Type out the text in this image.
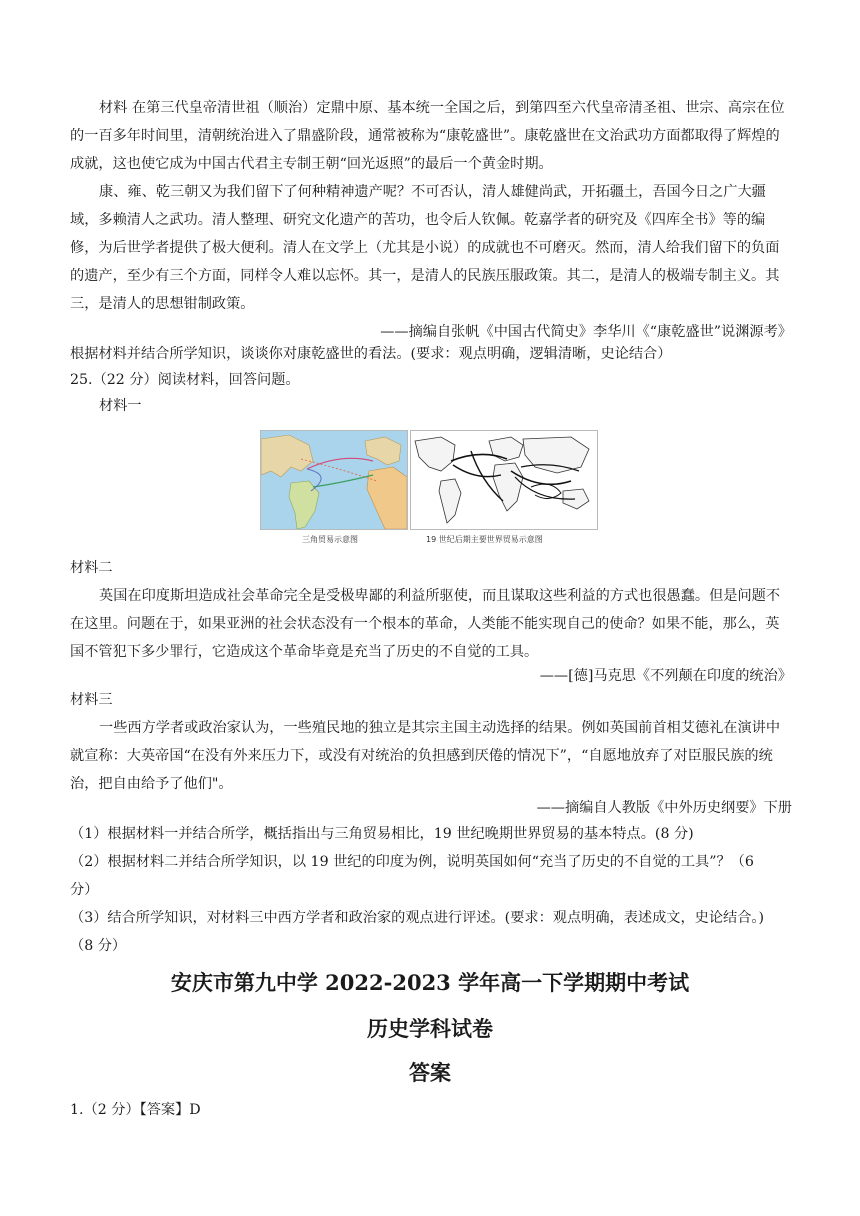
材料 在第三代皇帝清世祖（顺治）定鼎中原、基本统一全国之后，到第四至六代皇帝清圣祖、世宗、高宗在位的一百多年时间里，清朝统治进入了鼎盛阶段，通常被称为“康乾盛世”。康乾盛世在文治武功方面都取得了辉煌的成就，这也使它成为中国古代君主专制王朝“回光返照”的最后一个黄金时期。

康、雍、乾三朝又为我们留下了何种精神遗产呢？不可否认，清人雄健尚武，开拓疆土，吾国今日之广大疆域，多赖清人之武功。清人整理、研究文化遗产的苦功，也令后人钦佩。乾嘉学者的研究及《四库全书》等的编修，为后世学者提供了极大便利。清人在文学上（尤其是小说）的成就也不可磨灭。然而，清人给我们留下的负面的遗产，至少有三个方面，同样令人难以忘怀。其一，是清人的民族压服政策。其二，是清人的极端专制主义。其三，是清人的思想钳制政策。

——摘编自张帆《中国古代简史》李华川《“康乾盛世”说渊源考》

根据材料并结合所学知识，谈谈你对康乾盛世的看法。(要求：观点明确，逻辑清晰，史论结合）

25.（22 分）阅读材料，回答问题。

材料一

三角贸易示意图	19 世纪后期主要世界贸易示意图

材料二

英国在印度斯坦造成社会革命完全是受极卑鄙的利益所驱使，而且谋取这些利益的方式也很愚蠢。但是问题不在这里。问题在于，如果亚洲的社会状态没有一个根本的革命，人类能不能实现自己的使命？如果不能，那么，英国不管犯下多少罪行，它造成这个革命毕竟是充当了历史的不自觉的工具。

——[德]马克思《不列颠在印度的统治》

材料三

一些西方学者或政治家认为，一些殖民地的独立是其宗主国主动选择的结果。例如英国前首相艾德礼在演讲中就宣称：大英帝国“在没有外来压力下，或没有对统治的负担感到厌倦的情况下”，“自愿地放弃了对臣服民族的统治，把自由给予了他们"。

——摘编自人教版《中外历史纲要》下册

（1）根据材料一并结合所学，概括指出与三角贸易相比，19 世纪晚期世界贸易的基本特点。(8 分)

（2）根据材料二并结合所学知识，以 19 世纪的印度为例，说明英国如何“充当了历史的不自觉的工具”？（6

分）

（3）结合所学知识，对材料三中西方学者和政治家的观点进行评述。(要求：观点明确，表述成文，史论结合。)

（8 分）

安庆市第九中学 2022-2023 学年高一下学期期中考试
历史学科试卷
答案

1.（2 分）【答案】D
